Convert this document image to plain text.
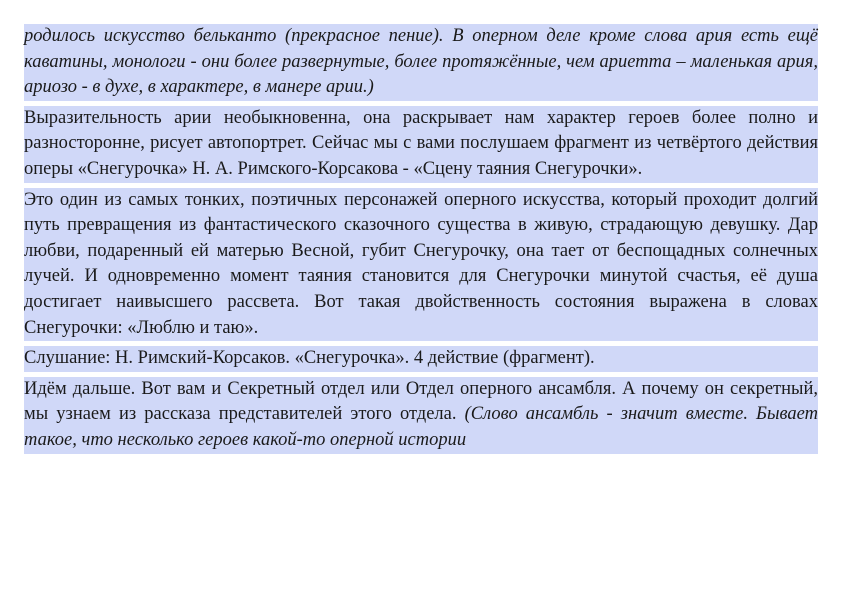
родилось искусство бельканто (прекрасное пение). В оперном деле кроме слова ария есть ещё каватины, монологи - они более развернутые, более протяжённые, чем ариетта – маленькая ария, ариозо - в духе, в характере, в манере арии.)

Выразительность арии необыкновенна, она раскрывает нам характер героев более полно и разносторонне, рисует автопортрет. Сейчас мы с вами послушаем фрагмент из четвёртого действия оперы «Снегурочка» Н. А. Римского-Корсакова - «Сцену таяния Снегурочки».

Это один из самых тонких, поэтичных персонажей оперного искусства, который проходит долгий путь превращения из фантастического сказочного существа в живую, страдающую девушку. Дар любви, подаренный ей матерью Весной, губит Снегурочку, она тает от беспощадных солнечных лучей. И одновременно момент таяния становится для Снегурочки минутой счастья, её душа достигает наивысшего рассвета. Вот такая двойственность состояния выражена в словах Снегурочки: «Люблю и таю».

Слушание: Н. Римский-Корсаков. «Снегурочка». 4 действие (фрагмент).

Идём дальше. Вот вам и Секретный отдел или Отдел оперного ансамбля. А почему он секретный, мы узнаем из рассказа представителей этого отдела. (Слово ансамбль - значит вместе. Бывает такое, что несколько героев какой-то оперной истории
